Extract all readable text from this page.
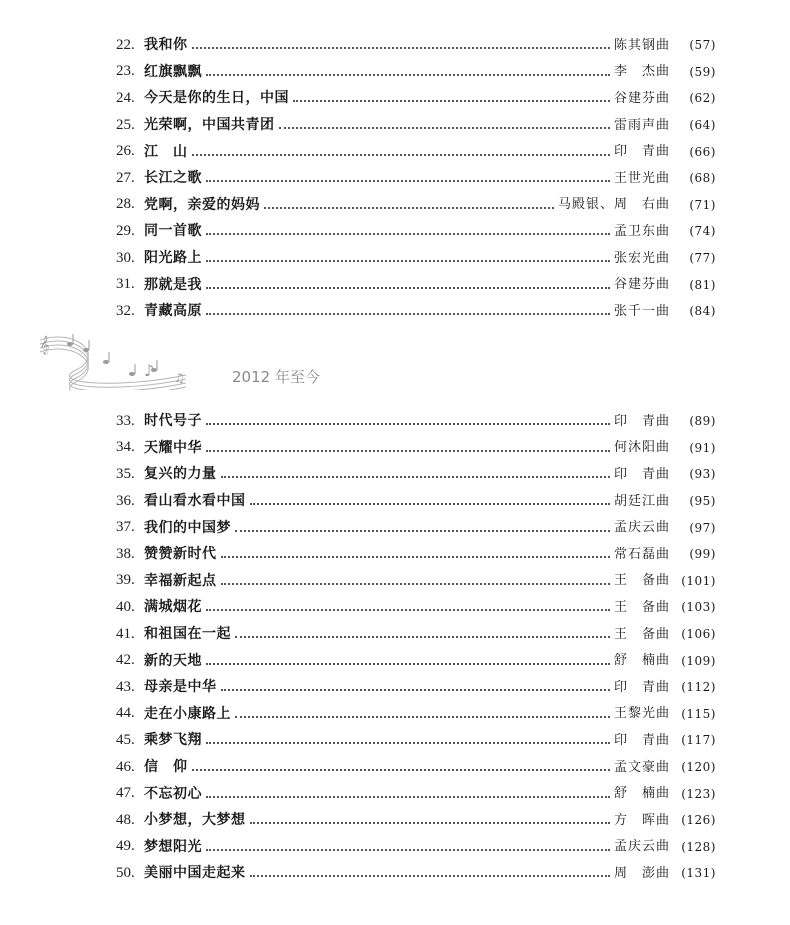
22. 我和你	陈其钢曲	(57)
23. 红旗飘飘	李　杰曲	(59)
24. 今天是你的生日，中国	谷建芬曲	(62)
25. 光荣啊，中国共青团	雷雨声曲	(64)
26. 江　山	印　青曲	(66)
27. 长江之歌	王世光曲	(68)
28. 党啊，亲爱的妈妈	马殿银、周　右曲	(71)
29. 同一首歌	孟卫东曲	(74)
30. 阳光路上	张宏光曲	(77)
31. 那就是我	谷建芬曲	(81)
32. 青藏高原	张千一曲	(84)
𝄞
♪ ♫	2012 年至今
33. 时代号子	印　青曲	(89)
34. 天耀中华	何沐阳曲	(91)
35. 复兴的力量	印　青曲	(93)
36. 看山看水看中国	胡廷江曲	(95)
37. 我们的中国梦	孟庆云曲	(97)
38. 赞赞新时代	常石磊曲	(99)
39. 幸福新起点	王　备曲 (101)
40. 满城烟花	王　备曲 (103)
41. 和祖国在一起	王　备曲 (106)
42. 新的天地	舒　楠曲 (109)
43. 母亲是中华	印　青曲 (112)
44. 走在小康路上	王黎光曲 (115)
45. 乘梦飞翔	印　青曲 (117)
46. 信　仰	孟文豪曲 (120)
47. 不忘初心	舒　楠曲 (123)
48. 小梦想，大梦想	方　晖曲 (126)
49. 梦想阳光	孟庆云曲 (128)
50. 美丽中国走起来	周　澎曲 (131)
